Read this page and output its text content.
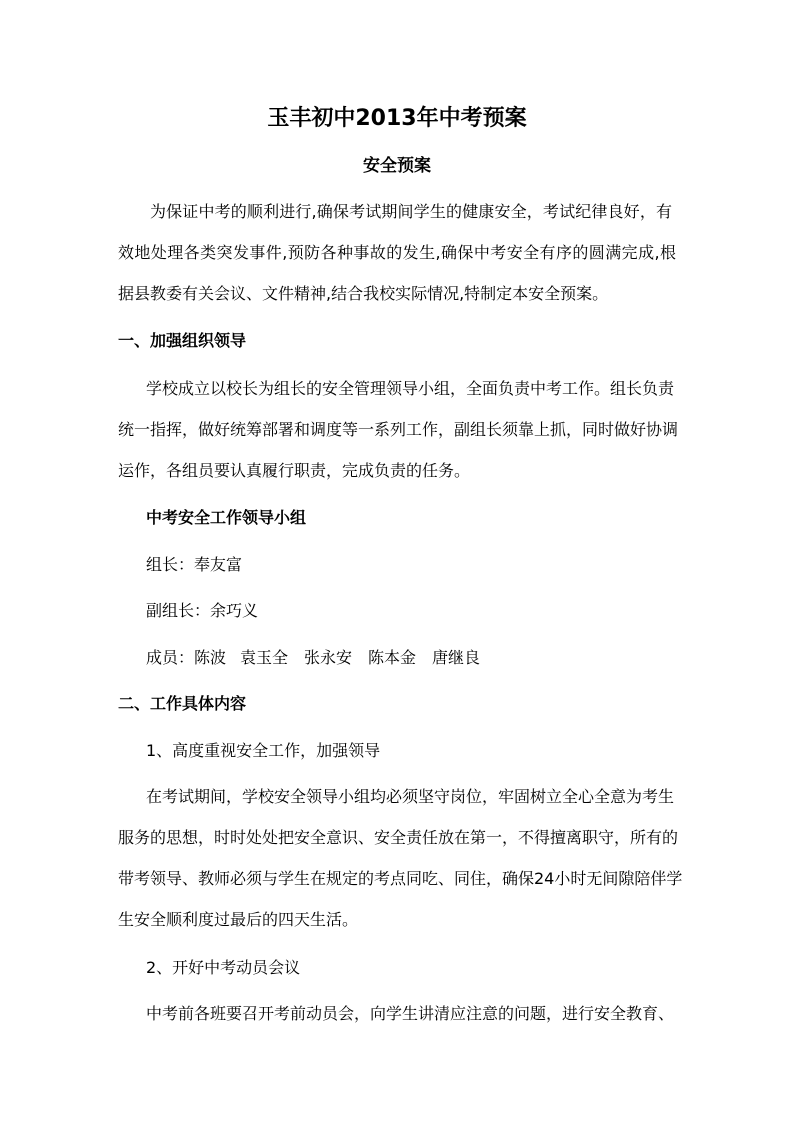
玉丰初中2013年中考预案
安全预案
为保证中考的顺利进行,确保考试期间学生的健康安全，考试纪律良好，有
效地处理各类突发事件,预防各种事故的发生,确保中考安全有序的圆满完成,根
据县教委有关会议、文件精神,结合我校实际情况,特制定本安全预案。
一、加强组织领导
学校成立以校长为组长的安全管理领导小组，全面负责中考工作。组长负责
统一指挥，做好统筹部署和调度等一系列工作，副组长须靠上抓，同时做好协调
运作，各组员要认真履行职责，完成负责的任务。
中考安全工作领导小组
组长：奉友富
副组长：余巧义
成员：陈波 袁玉全 张永安 陈本金 唐继良
二、工作具体内容
1、高度重视安全工作，加强领导
在考试期间，学校安全领导小组均必须坚守岗位，牢固树立全心全意为考生
服务的思想，时时处处把安全意识、安全责任放在第一，不得擅离职守，所有的
带考领导、教师必须与学生在规定的考点同吃、同住，确保24小时无间隙陪伴学
生安全顺利度过最后的四天生活。
2、开好中考动员会议
中考前各班要召开考前动员会，向学生讲清应注意的问题，进行安全教育、
